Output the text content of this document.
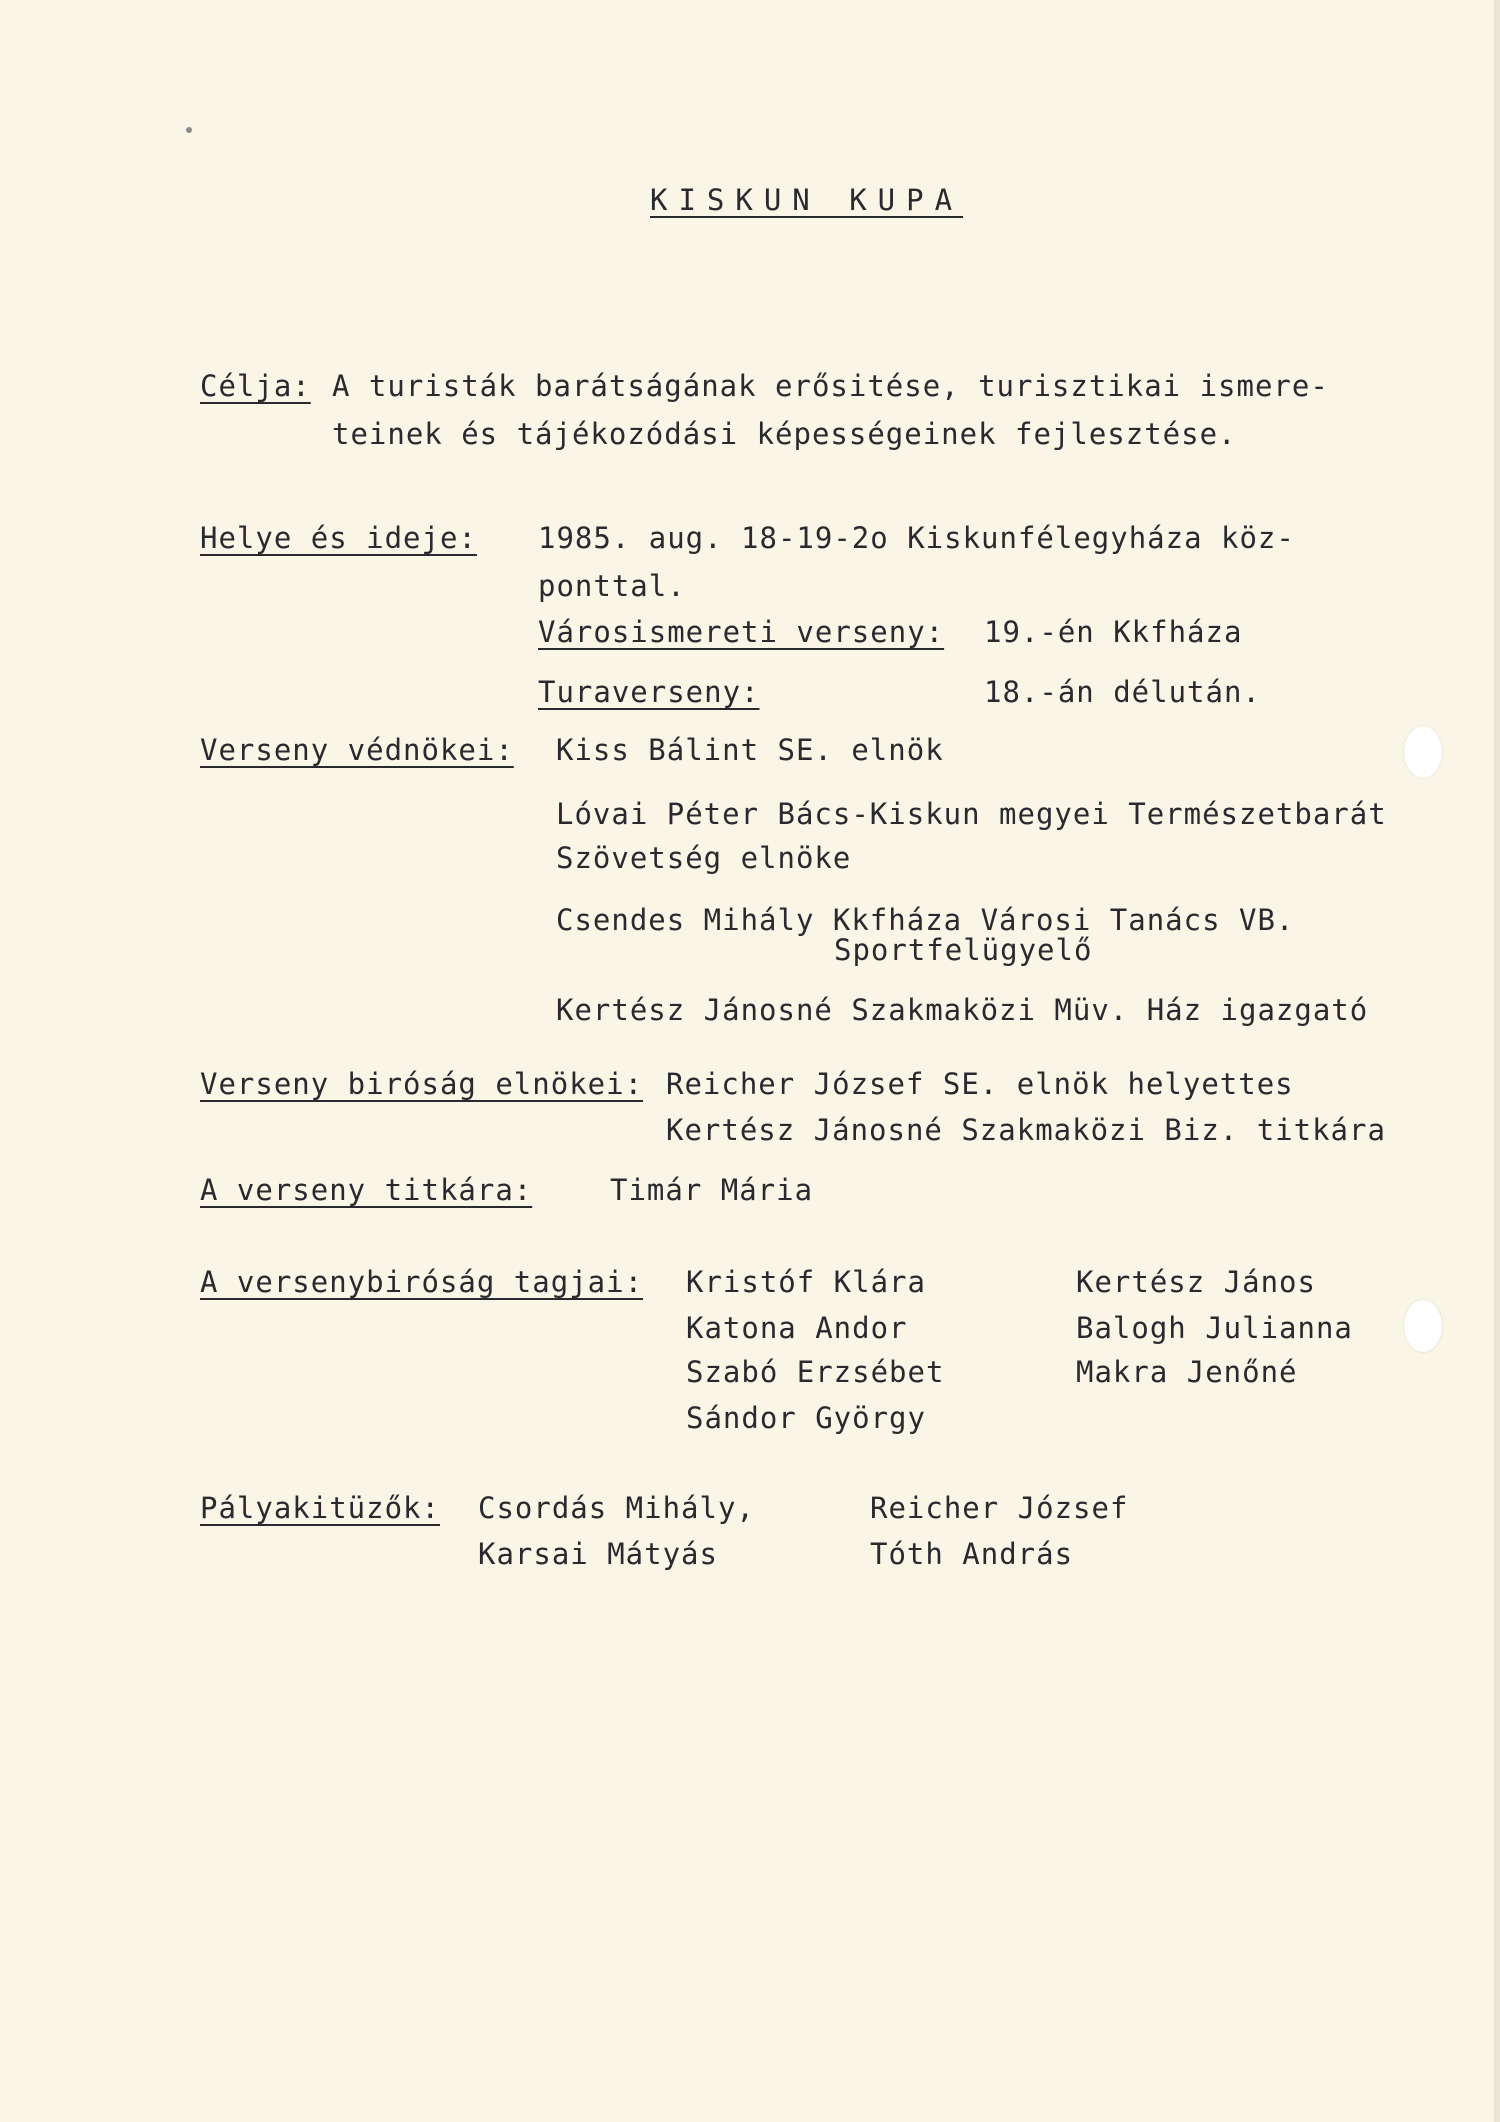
KISKUN KUPA
Célja: A turisták barátságának erősitése, turisztikai ismere-
teinek és tájékozódási képességeinek fejlesztése.
Helye és ideje: 1985. aug. 18-19-2o Kiskunfélegyháza köz-
ponttal.
Városismereti verseny: 19.-én Kkfháza
Turaverseny:	18.-án délután.
Verseny védnökei: Kiss Bálint SE. elnök
Lóvai Péter Bács-Kiskun megyei Természetbarát
Szövetség elnöke
Csendes Mihály Kkfháza Városi Tanács VB.
Sportfelügyelő
Kertész Jánosné Szakmaközi Müv. Ház igazgató
Verseny biróság elnökei: Reicher József SE. elnök helyettes
Kertész Jánosné Szakmaközi Biz. titkára
A verseny titkára:	Timár Mária
A versenybiróság tagjai: Kristóf Klára
Katona Andor
Szabó Erzsébet
Sándor György
Kertész János
Balogh Julianna
Makra Jenőné
Pályakitüzők: Csordás Mihály,
Karsai Mátyás
Reicher József
Tóth András
